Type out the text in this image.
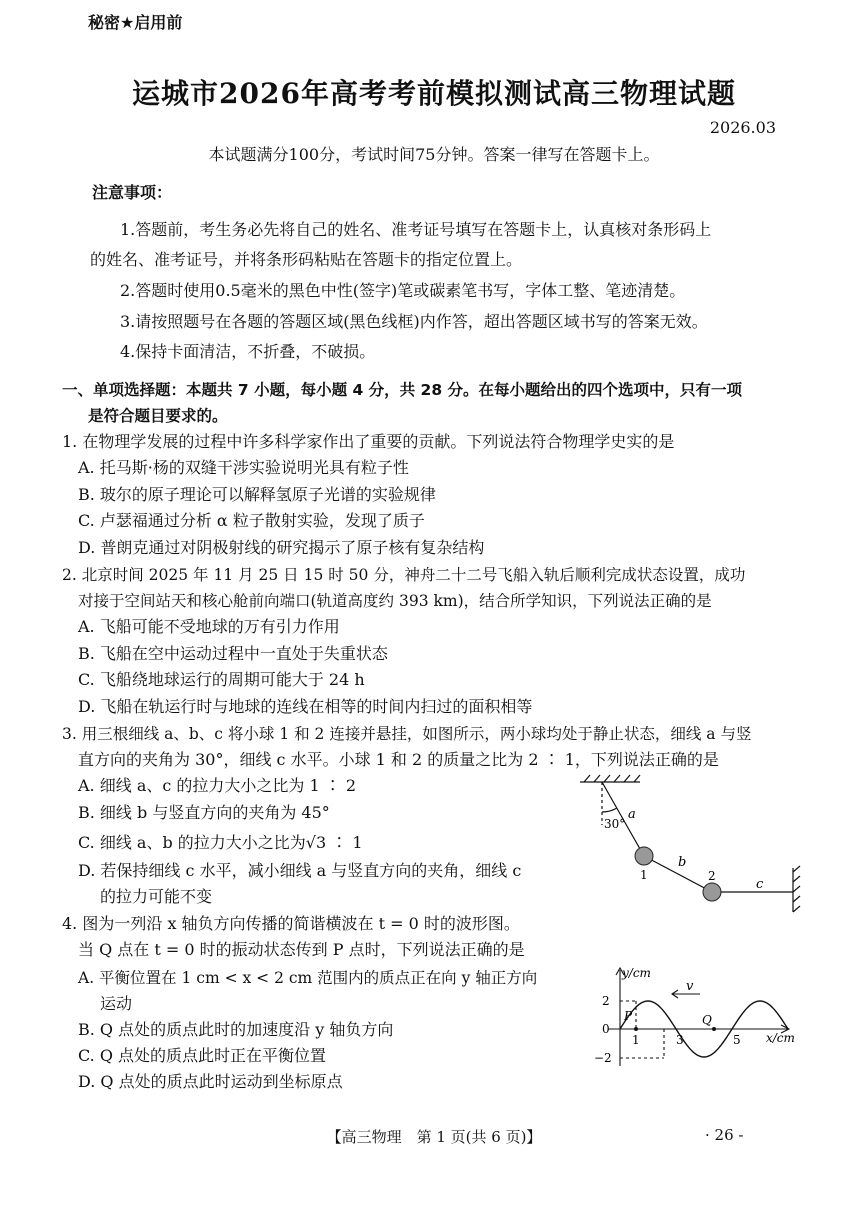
秘密★启用前
运城市2026年高考考前模拟测试高三物理试题
2026.03
本试题满分100分，考试时间75分钟。答案一律写在答题卡上。
注意事项：
1.答题前，考生务必先将自己的姓名、准考证号填写在答题卡上，认真核对条形码上
的姓名、准考证号，并将条形码粘贴在答题卡的指定位置上。
2.答题时使用0.5毫米的黑色中性(签字)笔或碳素笔书写，字体工整、笔迹清楚。
3.请按照题号在各题的答题区域(黑色线框)内作答，超出答题区域书写的答案无效。
4.保持卡面清洁，不折叠，不破损。
一、单项选择题：本题共 7 小题，每小题 4 分，共 28 分。在每小题给出的四个选项中，只有一项
是符合题目要求的。
1. 在物理学发展的过程中许多科学家作出了重要的贡献。下列说法符合物理学史实的是
A. 托马斯·杨的双缝干涉实验说明光具有粒子性
B. 玻尔的原子理论可以解释氢原子光谱的实验规律
C. 卢瑟福通过分析 α 粒子散射实验，发现了质子
D. 普朗克通过对阴极射线的研究揭示了原子核有复杂结构
2. 北京时间 2025 年 11 月 25 日 15 时 50 分，神舟二十二号飞船入轨后顺利完成状态设置，成功
对接于空间站天和核心舱前向端口(轨道高度约 393 km)，结合所学知识，下列说法正确的是
A. 飞船可能不受地球的万有引力作用
B. 飞船在空中运动过程中一直处于失重状态
C. 飞船绕地球运行的周期可能大于 24 h
D. 飞船在轨运行时与地球的连线在相等的时间内扫过的面积相等
3. 用三根细线 a、b、c 将小球 1 和 2 连接并悬挂，如图所示，两小球均处于静止状态，细线 a 与竖
直方向的夹角为 30°，细线 c 水平。小球 1 和 2 的质量之比为 2 ∶ 1，下列说法正确的是
A. 细线 a、c 的拉力大小之比为 1 ∶ 2
B. 细线 b 与竖直方向的夹角为 45°
C. 细线 a、b 的拉力大小之比为√3 ∶ 1
D. 若保持细线 c 水平，减小细线 a 与竖直方向的夹角，细线 c
的拉力可能不变
30°
a
b
c
1	2
4. 图为一列沿 x 轴负方向传播的简谐横波在 t = 0 时的波形图。
当 Q 点在 t = 0 时的振动状态传到 P 点时，下列说法正确的是
A. 平衡位置在 1 cm < x < 2 cm 范围内的质点正在向 y 轴正方向
运动
B. Q 点处的质点此时的加速度沿 y 轴负方向
C. Q 点处的质点此时正在平衡位置
D. Q 点处的质点此时运动到坐标原点
y/cm
x/cm
v
P	Q
2
0
−2
1	3	5
【高三物理　第 1 页(共 6 页)】	· 26 -
